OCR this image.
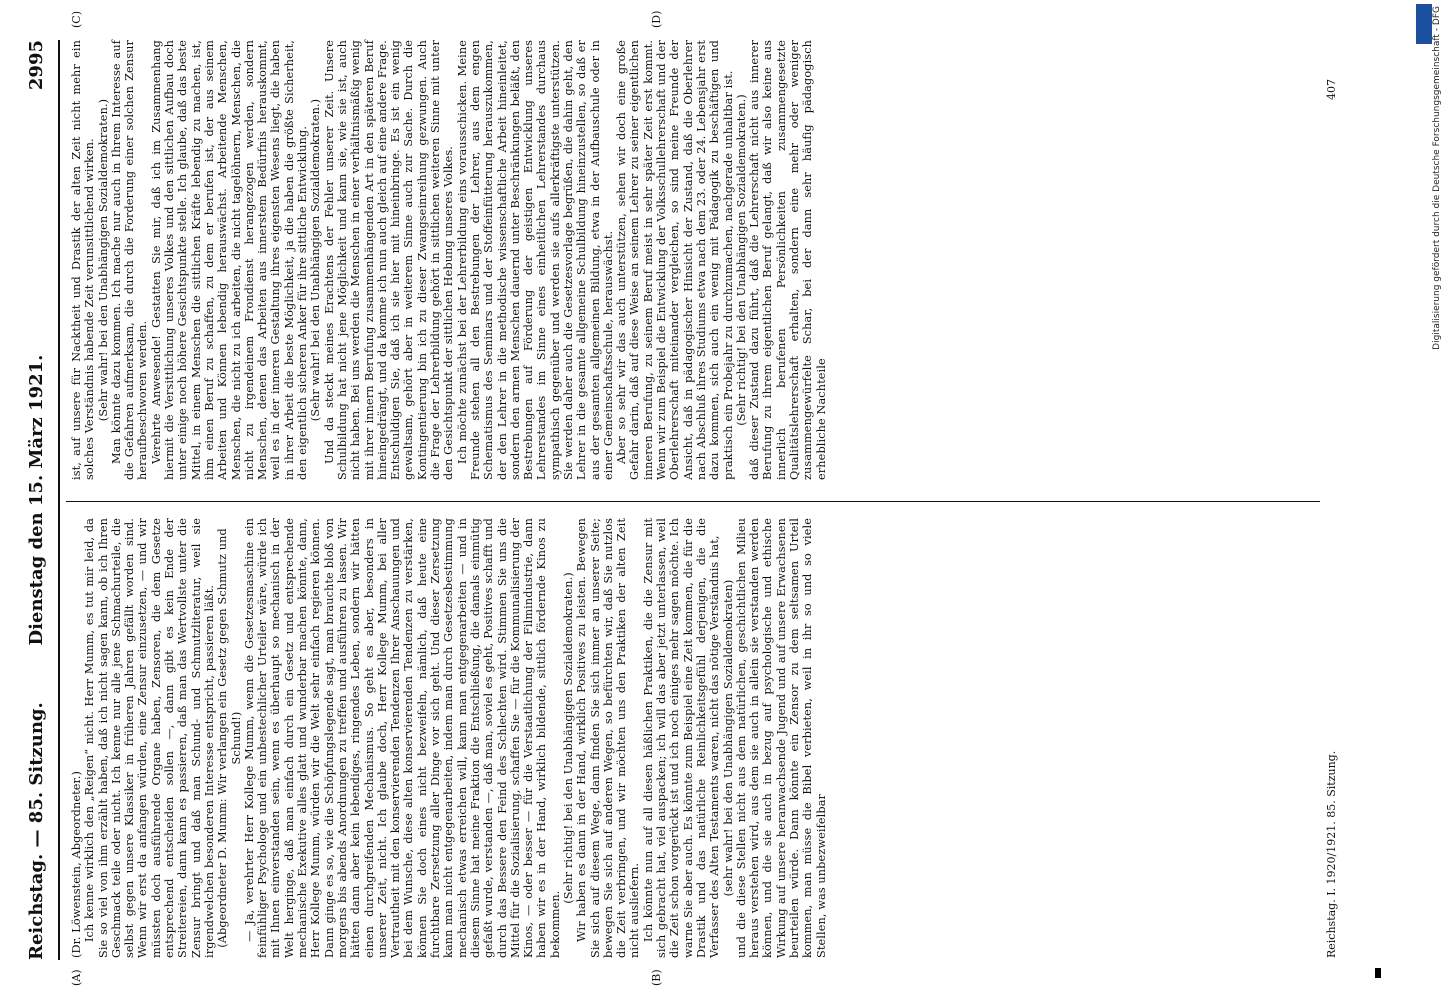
Reichstag. — 85. Sitzung.
Dienstag den 15. März 1921.
2995
(A)	(B)
(C)	(D)

(Dr. Löwenstein, Abgeordneter.) Ich kenne wirklich den „Reigen“ nicht. Herr Mumm, es tut mir leid, da Sie so viel von ihm erzählt haben, daß ich nicht sagen kann, ob ich Ihren Geschmack teile oder nicht. Ich kenne nur alle jene Schmachurteile, die selbst gegen unsere Klassiker in früheren Jahren gefällt worden sind. Wenn wir erst da anfangen würden, eine Zensur einzusetzen, — und wir müssten doch ausführende Organe haben, Zensoren, die dem Gesetze entsprechend entscheiden sollen —, dann gibt es kein Ende der Streitereien, dann kann es passieren, daß man das Wertvollste unter die Zensur bringt und daß man Schund- und Schmutzliteratur, weil sie irgendwelchen besonderen Interesse entspricht, passieren läßt. (Abgeordneter D. Mumm: Wir verlangen ein Gesetz gegen Schmutz und Schund!) — Ja, verehrter Herr Kollege Mumm, wenn die Gesetzesmaschine ein feinfühliger Psychologe und ein unbestechlicher Urteiler wäre, würde ich mit Ihnen einverstanden sein, wenn es überhaupt so mechanisch in der Welt herginge, daß man einfach durch ein Gesetz und entsprechende mechanische Exekutive alles glatt und wunderbar machen könnte, dann, Herr Kollege Mumm, würden wir die Welt sehr einfach regieren können. Dann ginge es so, wie die Schöpfungslegende sagt, man brauchte bloß von morgens bis abends Anordnungen zu treffen und ausführen zu lassen. Wir hätten dann aber kein lebendiges, ringendes Leben, sondern wir hätten einen durchgreifenden Mechanismus. So geht es aber, besonders in unserer Zeit, nicht. Ich glaube doch, Herr Kollege Mumm, bei aller Vertrautheit mit den konservierenden Tendenzen Ihrer Anschauungen und bei dem Wunsche, diese alten konservierenden Tendenzen zu verstärken, können Sie doch eines nicht bezweifeln, nämlich, daß heute eine furchtbare Zersetzung aller Dinge vor sich geht. Und dieser Zersetzung kann man nicht entgegenarbeiten, indem man durch Gesetzesbestimmung mechanisch etwas erreichen will, kann man entgegenarbeiten — und in diesem Sinne hat meine Fraktion die Entschließung, die damals einmütig gefaßt wurde, verstanden —, daß man, soviel es geht, Positives schafft und durch das Bessere den Feind des Schlechten wird. Stimmen Sie uns die Mittel für die Sozialisierung, schaffen Sie — für die Kommunalisierung der Kinos, — oder besser — für die Verstaatlichung der Filmindustrie, dann haben wir es in der Hand, wirklich bildende, sittlich fördernde Kinos zu bekommen.

(Sehr richtig! bei den Unabhängigen Sozialdemokraten.) Wir haben es dann in der Hand, wirklich Positives zu leisten. Bewegen Sie sich auf diesem Wege, dann finden Sie sich immer an unserer Seite; bewegen Sie sich auf anderen Wegen, so befürchten wir, daß Sie nutzlos die Zeit verbringen, und wir möchten uns den Praktiken der alten Zeit nicht ausliefern. Ich könnte nun auf all diesen häßlichen Praktiken, die die Zensur mit sich gebracht hat, viel auspacken; ich will das aber jetzt unterlassen, weil die Zeit schon vorgerückt ist und ich noch einiges mehr sagen möchte. Ich warne Sie aber auch. Es könnte zum Beispiel eine Zeit kommen, die für die Drastik und das natürliche Reinlichkeitsgefühl derjenigen, die die Verfasser des Alten Testaments waren, nicht das nötige Verständnis hat, (sehr wahr! bei den Unabhängigen Sozialdemokraten) und die diese Stellen nicht aus dem natürlichen, geschichtlichen Milieu heraus verstehen wird, aus dem sie auch in allein sie verstanden werden können, und die sie auch in bezug auf psychologische und ethische Wirkung auf unsere heranwachsende Jugend und auf unsere Erwachsenen beurteilen würde. Dann könnte ein Zensor zu dem seltsamen Urteil kommen, man müsse die Bibel verbieten, weil in ihr so und so viele Stellen, was unbezweifelbar	Reichstag. I. 1920/1921. 85. Sitzung.

ist, auf unsere für Nacktheit und Drastik der alten Zeit nicht mehr ein solches Verständnis habende Zeit verunsittlichend wirken. (Sehr wahr! bei den Unabhängigen Sozialdemokraten.) Man könnte dazu kommen. Ich mache nur auch in Ihrem Interesse auf die Gefahren aufmerksam, die durch die Forderung einer solchen Zensur heraufbeschworen werden. Verehrte Anwesende! Gestatten Sie mir, daß ich im Zusammenhang hiermit die Versittlichung unseres Volkes und den sittlichen Aufbau doch unter einige noch höhere Gesichtspunkte stelle. Ich glaube, daß das beste Mittel, in einem Menschen die sittlichen Kräfte lebendig zu machen, ist, ihm einen Beruf zu schaffen, zu dem er berufen ist, der aus seinem Arbeiten und Können lebendig herauswächst. Arbeitende Menschen, Menschen, die nicht zu ich arbeiten, die nicht tagelöhnern, Menschen, die nicht zu irgendeinem Frondienst herangezogen werden, sondern Menschen, denen das Arbeiten aus innerstem Bedürfnis herauskommt, weil es in der inneren Gestaltung ihres eigensten Wesens liegt, die haben in ihrer Arbeit die beste Möglichkeit, ja die haben die größte Sicherheit, den eigentlich sicheren Anker für ihre sittliche Entwicklung. (Sehr wahr! bei den Unabhängigen Sozialdemokraten.) Und da steckt meines Erachtens der Fehler unserer Zeit. Unsere Schulbildung hat nicht jene Möglichkeit und kann sie, wie sie ist, auch nicht haben. Bei uns werden die Menschen in einer verhältnismäßig wenig mit ihrer innern Berufung zusammenhängenden Art in den späteren Beruf hineingedrängt, und da komme ich nun auch gleich auf eine andere Frage. Entschuldigen Sie, daß ich sie hier mit hineinbringe. Es ist ein wenig gewaltsam, gehört aber in weiterem Sinne auch zur Sache. Durch die Kontingentierung bin ich zu dieser Zwangseinreihung gezwungen. Auch die Frage der Lehrerbildung gehört in sittlichen weiteren Sinne mit unter den Gesichtspunkt der sittlichen Hebung unseres Volkes. Ich möchte zunächst bei der Lehrerbildung eins vorausschicken. Meine Freunde stehen all den Bestrebungen der Lehrer, aus dem engen Schematismus des Seminars und der Stoffeinfütterung herauszukommen, der den Lehrer in die methodische wissenschaftliche Arbeit hineinleitet, sondern den armen Menschen dauernd unter Beschränkungen beläßt, den Bestrebungen auf Förderung der geistigen Entwicklung unseres Lehrerstandes im Sinne eines einheitlichen Lehrerstandes durchaus sympathisch gegenüber und werden sie aufs allerkräftigste unterstützen. Sie werden daher auch die Gesetzesvorlage begrüßen, die dahin geht, den Lehrer in die gesamte allgemeine Schulbildung hineinzustellen, so daß er aus der gesamten allgemeinen Bildung, etwa in der Aufbauschule oder in einer Gemeinschaftsschule, herauswächst. Aber so sehr wir das auch unterstützen, sehen wir doch eine große Gefahr darin, daß auf diese Weise an seinem Lehrer zu seiner eigentlichen inneren Berufung, zu seinem Beruf meist in sehr später Zeit erst kommt. Wenn wir zum Beispiel die Entwicklung der Volksschullehrerschaft und der Oberlehrerschaft miteinander vergleichen, so sind meine Freunde der Ansicht, daß in pädagogischer Hinsicht der Zustand, daß die Oberlehrer nach Abschluß ihres Studiums etwa nach dem 23. oder 24. Lebensjahr erst dazu kommen, sich auch ein wenig mit Pädagogik zu beschäftigen und praktisch ein Probejahr zu durchzumachen, nachgerade unhaltbar ist. (Sehr richtig! bei den Unabhängigen Sozialdemokraten.) daß dieser Zustand dazu führt, daß die Lehrerschaft nicht aus innerer Berufung zu ihrem eigentlichen Beruf gelangt, daß wir also keine aus innerlich berufenen Persönlichkeiten zusammengesetzte Qualitätslehrerschaft erhalten, sondern eine mehr oder weniger zusammengewürfelte Schar, bei der dann sehr häufig pädagogisch erhebliche Nachteile

407	Digitalisierung gefördert durch die Deutsche Forschungsgemeinschaft - DFG
